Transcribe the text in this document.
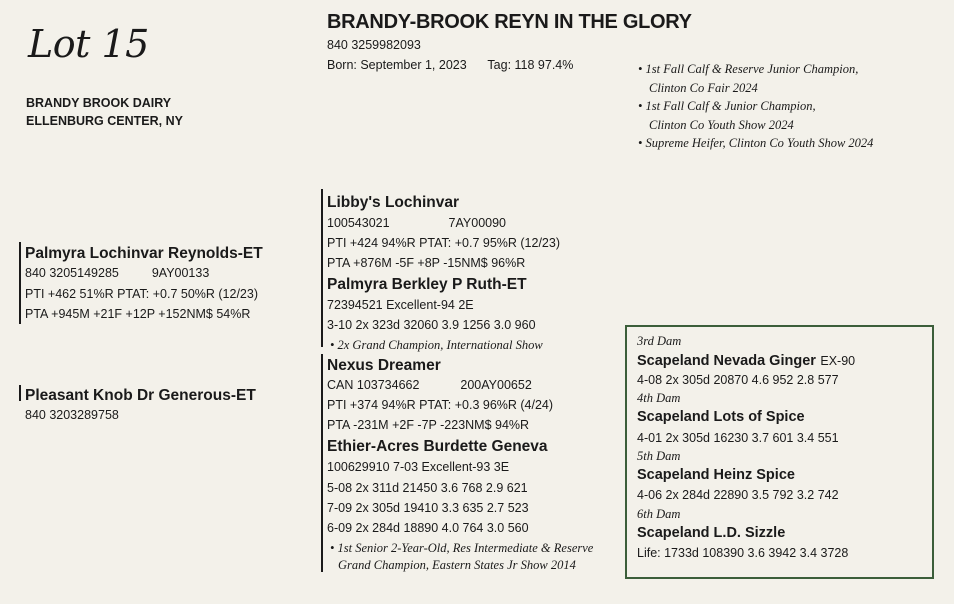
Lot 15
BRANDY BROOK DAIRY
ELLENBURG CENTER, NY
BRANDY-BROOK REYN IN THE GLORY
840 3259982093
Born: September 1, 2023 Tag: 118 97.4%	• 1st Fall Calf & Reserve Junior Champion,
Clinton Co Fair 2024
• 1st Fall Calf & Junior Champion,
Clinton Co Youth Show 2024
• Supreme Heifer, Clinton Co Youth Show 2024
Palmyra Lochinvar Reynolds-ET
840 3205149285	9AY00133
PTI +462 51%R PTAT: +0.7 50%R (12/23)
PTA +945M +21F +12P +152NM$ 54%R
Pleasant Knob Dr Generous-ET
840 3203289758
Libby's Lochinvar
100543021	7AY00090
PTI +424 94%R PTAT: +0.7 95%R (12/23)
PTA +876M -5F +8P -15NM$ 96%R
Palmyra Berkley P Ruth-ET
72394521 Excellent-94 2E
3-10 2x 323d 32060 3.9 1256 3.0 960
• 2x Grand Champion, International Show
Nexus Dreamer
CAN 103734662	200AY00652
PTI +374 94%R PTAT: +0.3 96%R (4/24)
PTA -231M +2F -7P -223NM$ 94%R
Ethier-Acres Burdette Geneva
100629910 7-03 Excellent-93 3E
5-08 2x 311d 21450 3.6 768 2.9 621
7-09 2x 305d 19410 3.3 635 2.7 523
6-09 2x 284d 18890 4.0 764 3.0 560
• 1st Senior 2-Year-Old, Res Intermediate & Reserve
Grand Champion, Eastern States Jr Show 2014
3rd Dam
Scapeland Nevada Ginger EX-90
4-08 2x 305d 20870 4.6 952 2.8 577
4th Dam
Scapeland Lots of Spice
4-01 2x 305d 16230 3.7 601 3.4 551
5th Dam
Scapeland Heinz Spice
4-06 2x 284d 22890 3.5 792 3.2 742
6th Dam
Scapeland L.D. Sizzle
Life: 1733d 108390 3.6 3942 3.4 3728
